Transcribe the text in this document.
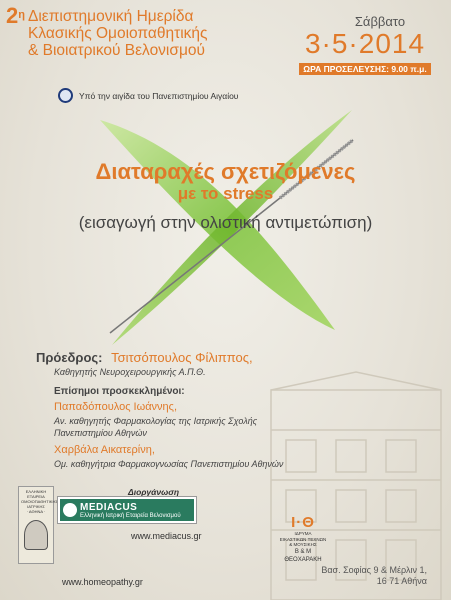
$2^\eta$ Διεπιστημονική Ημερίδα
Κλασικής Ομοιοπαθητικής
& Βιοιατρικού Βελονισμού
Σάββατο
3·5·2014
ΩΡΑ ΠΡΟΣΕΛΕΥΣΗΣ: 9.00 π.μ.
Υπό την αιγίδα του Πανεπιστημίου Αιγαίου
Διαταραχές σχετιζόμενες
με το stress
(εισαγωγή στην ολιστική αντιμετώπιση)
Πρόεδρος: Τσιτσόπουλος Φίλιππος,
Καθηγητής Νευροχειρουργικής Α.Π.Θ.
Επίσημοι προσκεκλημένοι:
Παπαδόπουλος Ιωάννης,
Αν. καθηγητής Φαρμακολογίας της Ιατρικής Σχολής
Πανεπιστημίου Αθηνών
Χαρβάλα Αικατερίνη,
Ομ. καθηγήτρια Φαρμακογνωσίας Πανεπιστημίου Αθηνών
Διοργάνωση
ΕΛΛΗΝΙΚΗ ΕΤΑΙΡΕΙΑ
ΟΜΟΙΟΠΑΘΗΤΙΚΗΣ
ΙΑΤΡΙΚΗΣ
· ΑΘΗΝΑ ·	MEDIACUS
Ελληνική Ιατρική Εταιρεία Βελονισμού
www.mediacus.gr
www.homeopathy.gr
Ι·Θ
ΙΔΡΥΜΑ
ΕΙΚΑΣΤΙΚΩΝ ΤΕΧΝΩΝ
& ΜΟΥΣΙΚΗΣ
Β & Μ
ΘΕΟΧΑΡΑΚΗ
Βασ. Σοφίας 9 & Μέρλιν 1,
16 71 Αθήνα
